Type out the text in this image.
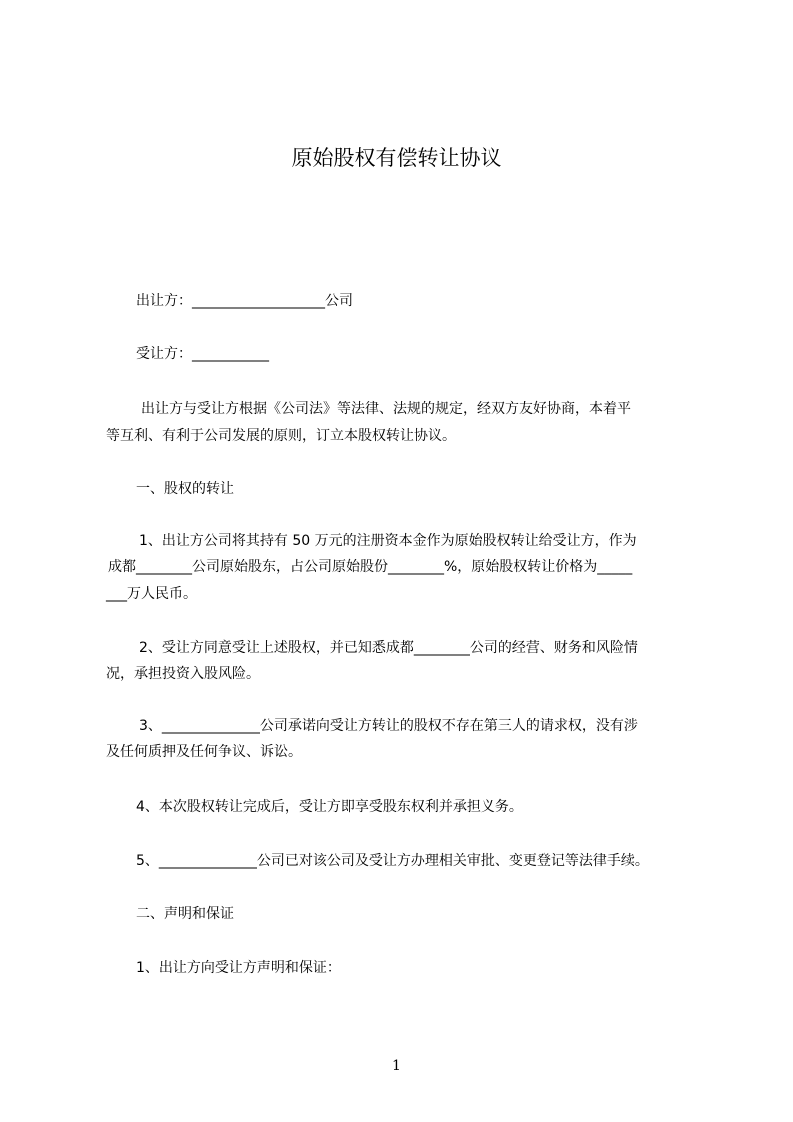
原始股权有偿转让协议
出让方：___________________公司
受让方：___________
出让方与受让方根据《公司法》等法律、法规的规定，经双方友好协商，本着平
等互利、有利于公司发展的原则，订立本股权转让协议。
一、股权的转让
1、出让方公司将其持有 50 万元的注册资本金作为原始股权转让给受让方，作为
成都________公司原始股东，占公司原始股份________%，原始股权转让价格为_____
___万人民币。
2、受让方同意受让上述股权，并已知悉成都________公司的经营、财务和风险情
况，承担投资入股风险。
3、______________公司承诺向受让方转让的股权不存在第三人的请求权，没有涉
及任何质押及任何争议、诉讼。
4、本次股权转让完成后，受让方即享受股东权利并承担义务。
5、______________公司已对该公司及受让方办理相关审批、变更登记等法律手续。
二、声明和保证
1、出让方向受让方声明和保证：
1
